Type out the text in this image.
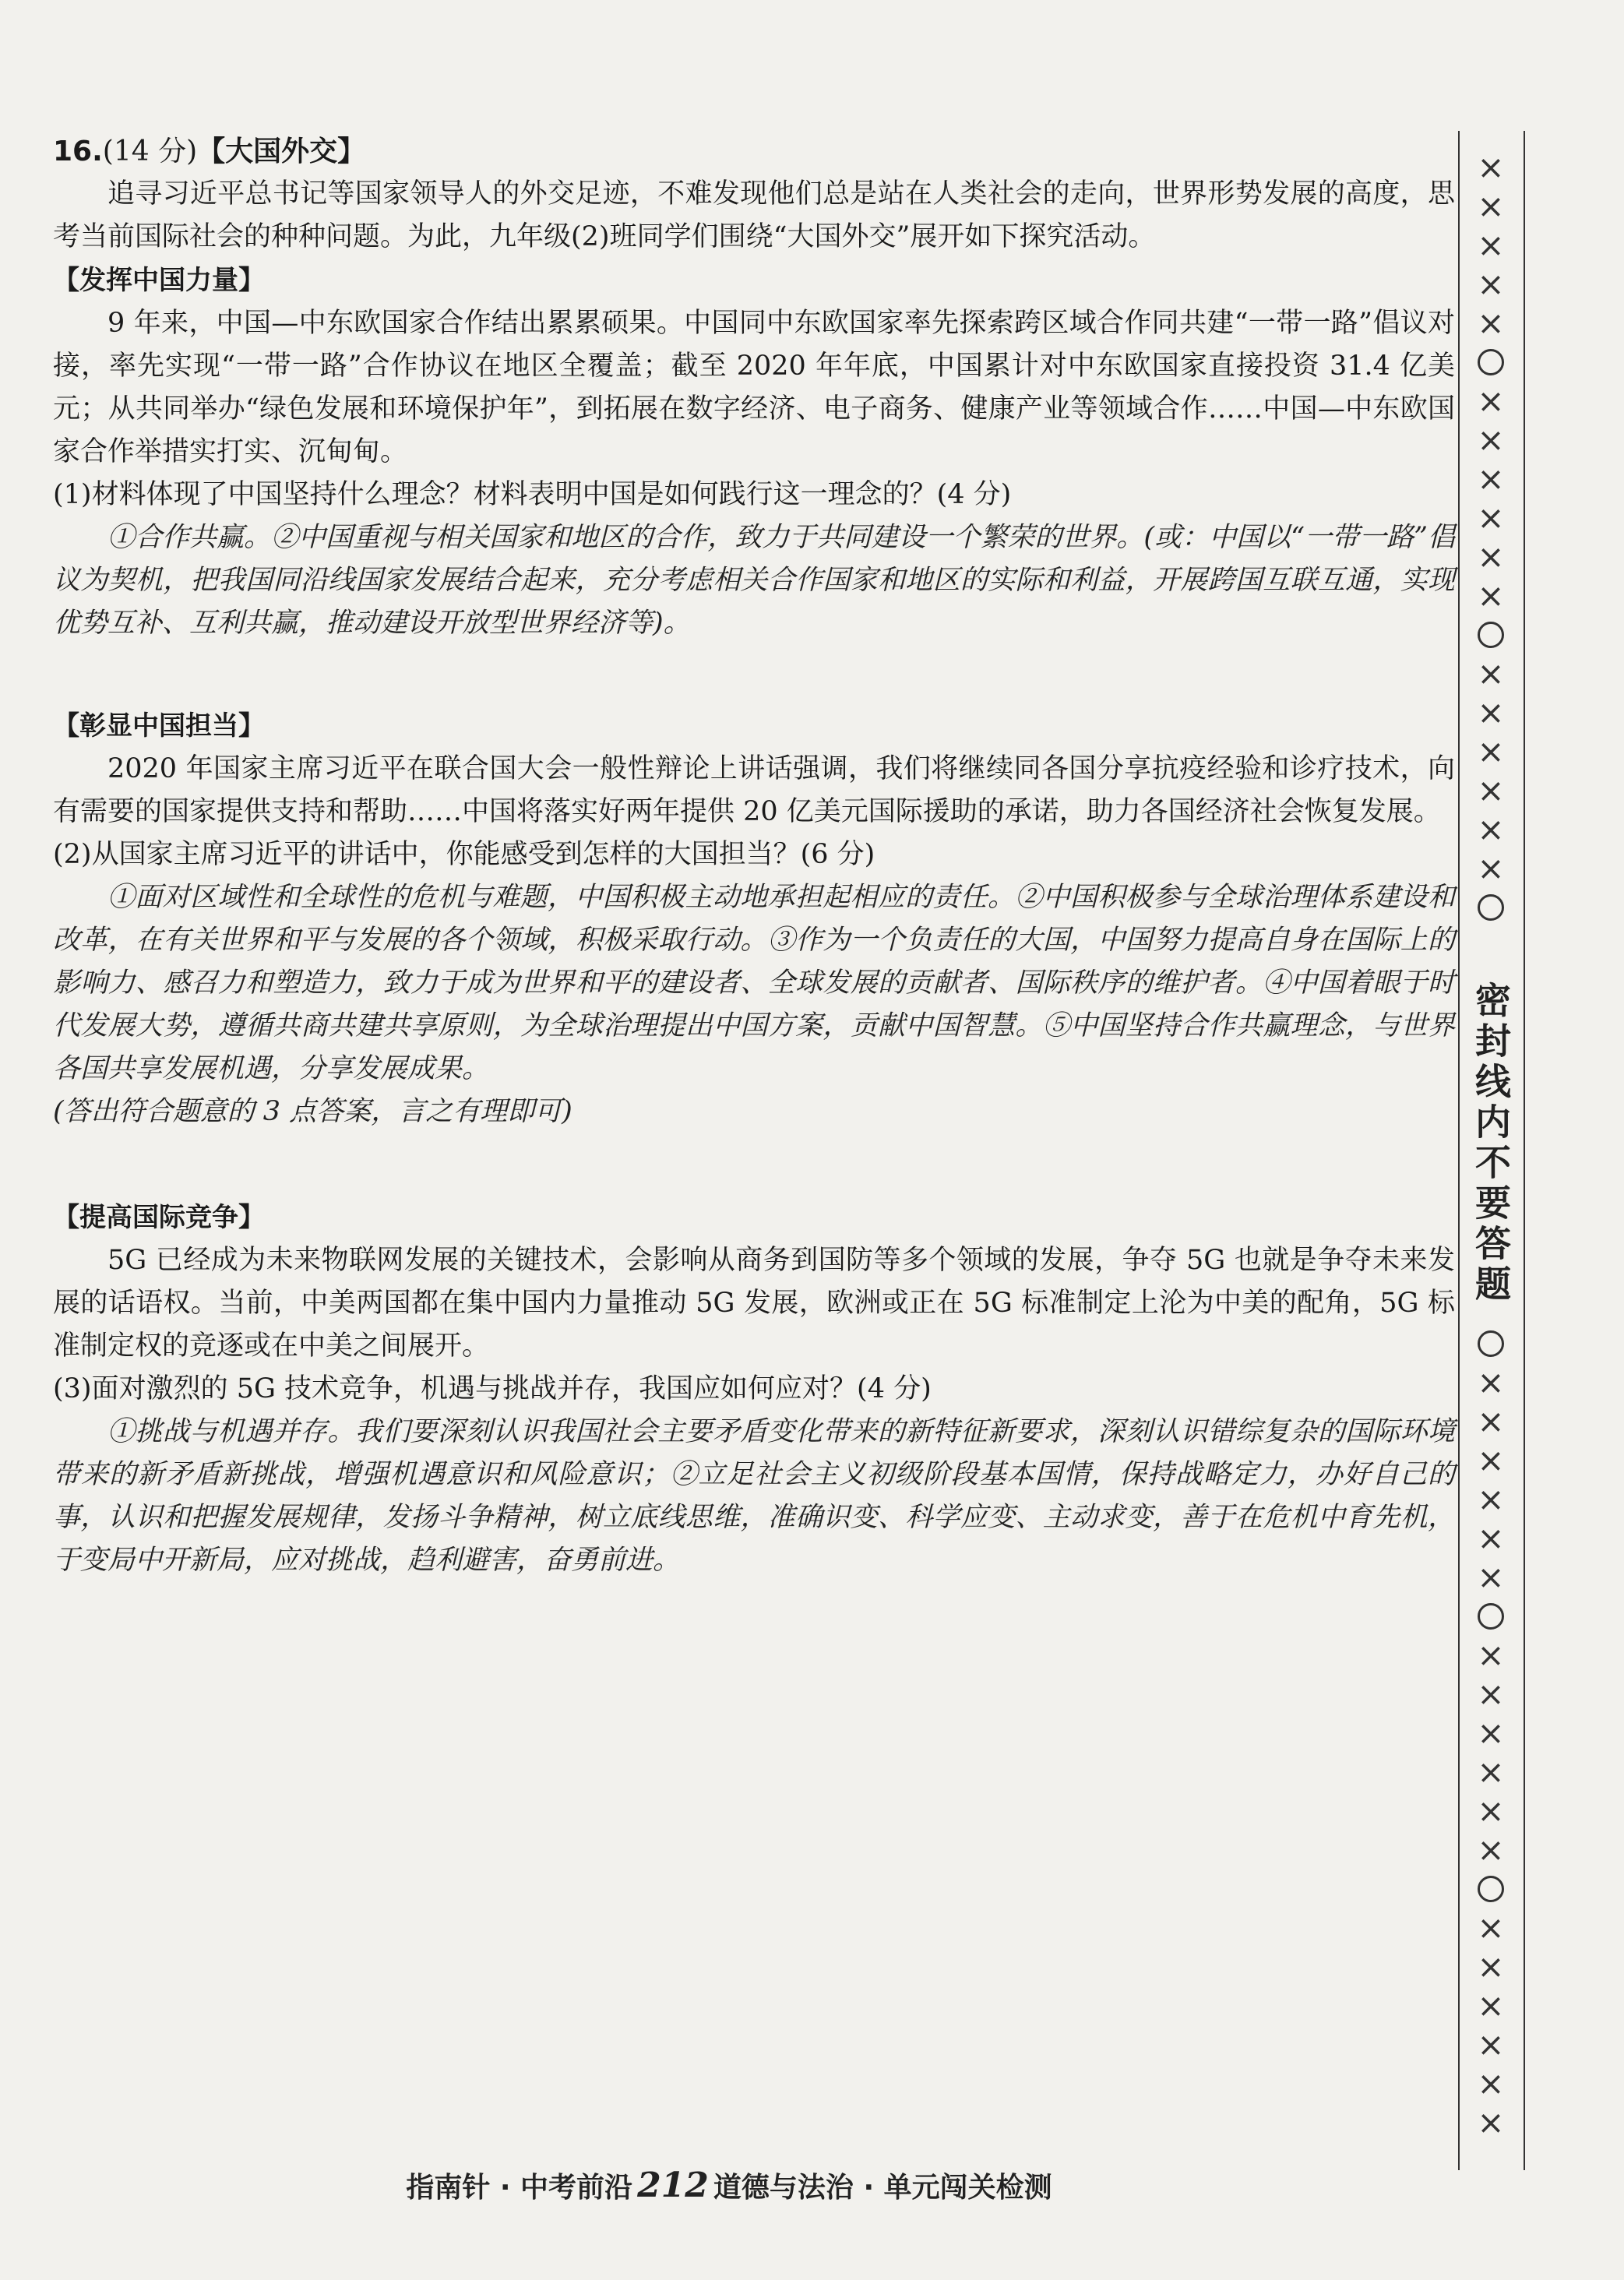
16.(14 分)【大国外交】

追寻习近平总书记等国家领导人的外交足迹，不难发现他们总是站在人类社会的走向，世界形势发展的高度，思考当前国际社会的种种问题。为此，九年级(2)班同学们围绕“大国外交”展开如下探究活动。

【发挥中国力量】

9 年来，中国—中东欧国家合作结出累累硕果。中国同中东欧国家率先探索跨区域合作同共建“一带一路”倡议对接，率先实现“一带一路”合作协议在地区全覆盖；截至 2020 年年底，中国累计对中东欧国家直接投资 31.4 亿美元；从共同举办“绿色发展和环境保护年”，到拓展在数字经济、电子商务、健康产业等领域合作……中国—中东欧国家合作举措实打实、沉甸甸。

(1)材料体现了中国坚持什么理念？材料表明中国是如何践行这一理念的？(4 分)

①合作共赢。②中国重视与相关国家和地区的合作，致力于共同建设一个繁荣的世界。(或：中国以“一带一路”倡议为契机，把我国同沿线国家发展结合起来，充分考虑相关合作国家和地区的实际和利益，开展跨国互联互通，实现优势互补、互利共赢，推动建设开放型世界经济等)。

【彰显中国担当】

2020 年国家主席习近平在联合国大会一般性辩论上讲话强调，我们将继续同各国分享抗疫经验和诊疗技术，向有需要的国家提供支持和帮助……中国将落实好两年提供 20 亿美元国际援助的承诺，助力各国经济社会恢复发展。

(2)从国家主席习近平的讲话中，你能感受到怎样的大国担当？(6 分)

①面对区域性和全球性的危机与难题，中国积极主动地承担起相应的责任。②中国积极参与全球治理体系建设和改革，在有关世界和平与发展的各个领域，积极采取行动。③作为一个负责任的大国，中国努力提高自身在国际上的影响力、感召力和塑造力，致力于成为世界和平的建设者、全球发展的贡献者、国际秩序的维护者。④中国着眼于时代发展大势，遵循共商共建共享原则，为全球治理提出中国方案，贡献中国智慧。⑤中国坚持合作共赢理念，与世界各国共享发展机遇，分享发展成果。

(答出符合题意的 3 点答案，言之有理即可)

【提高国际竞争】

5G 已经成为未来物联网发展的关键技术，会影响从商务到国防等多个领域的发展，争夺 5G 也就是争夺未来发展的话语权。当前，中美两国都在集中国内力量推动 5G 发展，欧洲或正在 5G 标准制定上沦为中美的配角，5G 标准制定权的竞逐或在中美之间展开。

(3)面对激烈的 5G 技术竞争，机遇与挑战并存，我国应如何应对？(4 分)

①挑战与机遇并存。我们要深刻认识我国社会主要矛盾变化带来的新特征新要求，深刻认识错综复杂的国际环境带来的新矛盾新挑战，增强机遇意识和风险意识；②立足社会主义初级阶段基本国情，保持战略定力，办好自己的事，认识和把握发展规律，发扬斗争精神，树立底线思维，准确识变、科学应变、主动求变，善于在危机中育先机，于变局中开新局，应对挑战，趋利避害，奋勇前进。

×
×
×
×
×
×
×
×
×
×
×
×
×
×
×
×
×
密封线内不要答题
×
×
×
×
×
×
×
×
×
×
×
×
×
×
×
×
×
×
指南针 · 中考前沿 212 道德与法治 · 单元闯关检测
